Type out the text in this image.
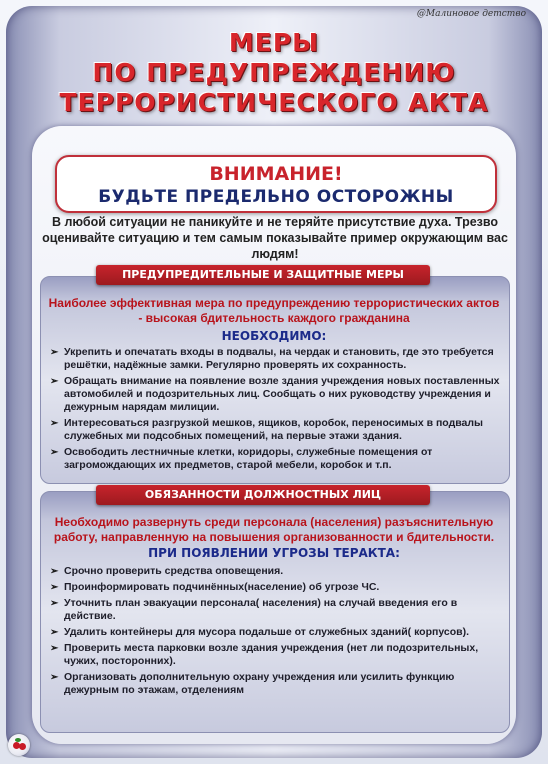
@Малиновое детство
МЕРЫ
ПО ПРЕДУПРЕЖДЕНИЮ
ТЕРРОРИСТИЧЕСКОГО АКТА
ВНИМАНИЕ!
БУДЬТЕ ПРЕДЕЛЬНО ОСТОРОЖНЫ
В любой ситуации не паникуйте и не теряйте присутствие духа. Трезво оценивайте ситуацию и тем самым показывайте пример окружающим вас людям!
ПРЕДУПРЕДИТЕЛЬНЫЕ И ЗАЩИТНЫЕ МЕРЫ
Наиболее эффективная мера по предупреждению террористических актов - высокая бдительность каждого гражданина
НЕОБХОДИМО:
➢ Укрепить и опечатать входы в подвалы, на чердак и становить, где это требуется решётки, надёжные замки. Регулярно проверять их сохранность.
➢ Обращать внимание на появление возле здания учреждения новых поставленных автомобилей и подозрительных лиц. Сообщать о них руководству учреждения и дежурным нарядам милиции.
➢ Интересоваться разгрузкой мешков, ящиков, коробок, переносимых в подвалы служебных ми подсобных помещений, на первые этажи здания.
➢ Освободить лестничные клетки, коридоры, служебные помещения от загромождающих их предметов, старой мебели, коробок и т.п.
ОБЯЗАННОСТИ ДОЛЖНОСТНЫХ ЛИЦ
Необходимо развернуть среди персонала (населения) разъяснительную работу, направленную на повышения организованности и бдительности.
ПРИ ПОЯВЛЕНИИ УГРОЗЫ ТЕРАКТА:
➢ Срочно проверить средства оповещения.
➢ Проинформировать подчинённых(население) об угрозе ЧС.
➢ Уточнить план эвакуации персонала( населения) на случай введения его в действие.
➢ Удалить контейнеры для мусора подальше от служебных зданий( корпусов).
➢ Проверить места парковки возле здания учреждения (нет ли подозрительных, чужих, посторонних).
➢ Организовать дополнительную охрану учреждения или усилить функцию дежурным по этажам, отделениям
